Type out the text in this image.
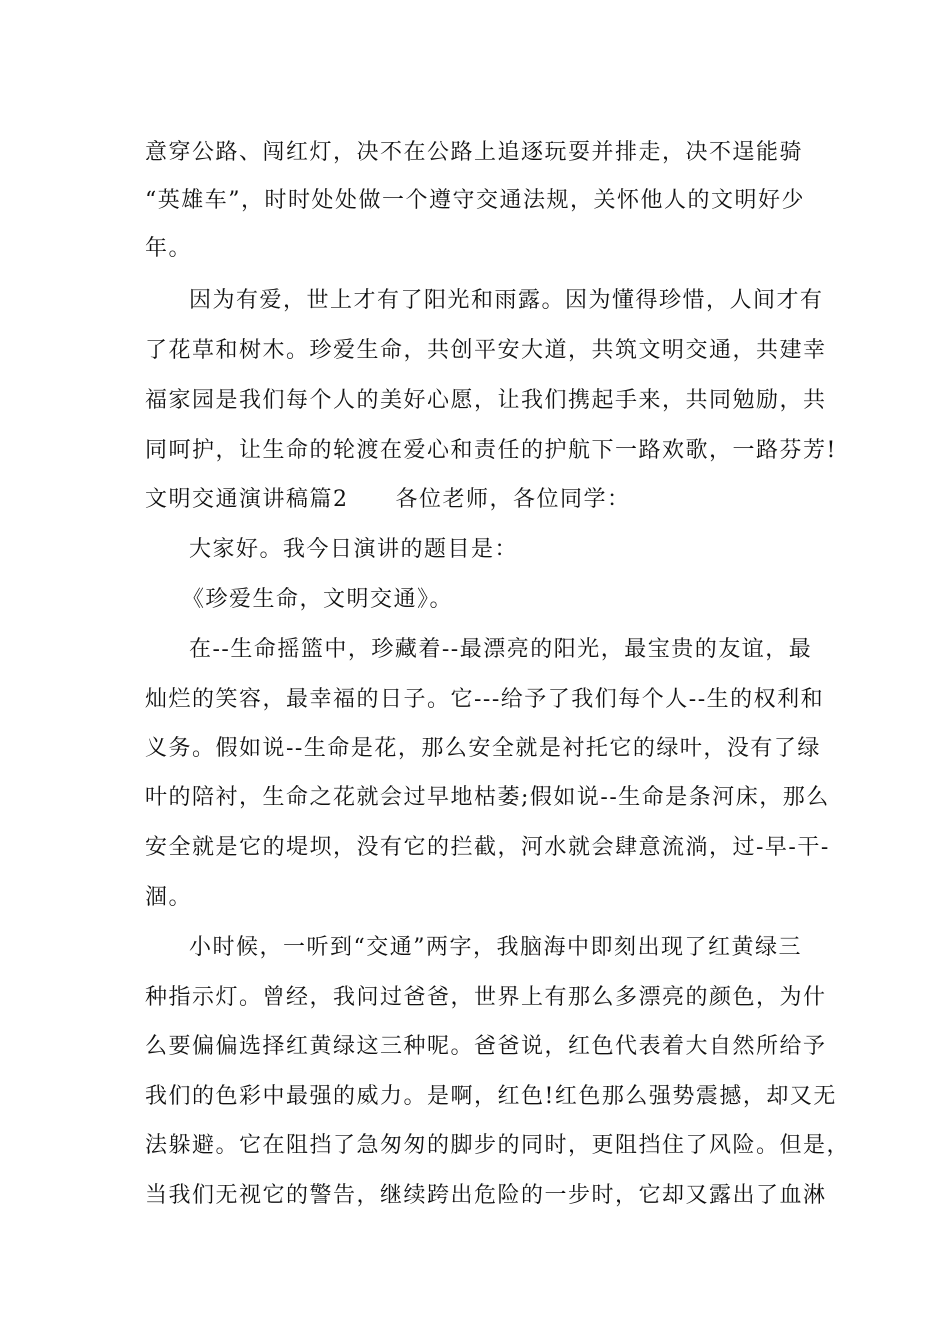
意穿公路、闯红灯，决不在公路上追逐玩耍并排走，决不逞能骑
“英雄车”，时时处处做一个遵守交通法规，关怀他人的文明好少
年。
因为有爱，世上才有了阳光和雨露。因为懂得珍惜，人间才有
了花草和树木。珍爱生命，共创平安大道，共筑文明交通，共建幸
福家园是我们每个人的美好心愿，让我们携起手来，共同勉励，共
同呵护，让生命的轮渡在爱心和责任的护航下一路欢歌，一路芬芳!
文明交通演讲稿篇2　　各位老师，各位同学：
大家好。我今日演讲的题目是：
《珍爱生命，文明交通》。
在--生命摇篮中，珍藏着--最漂亮的阳光，最宝贵的友谊，最
灿烂的笑容，最幸福的日子。它---给予了我们每个人--生的权利和
义务。假如说--生命是花，那么安全就是衬托它的绿叶，没有了绿
叶的陪衬，生命之花就会过早地枯萎;假如说--生命是条河床，那么
安全就是它的堤坝，没有它的拦截，河水就会肆意流淌，过-早-干-
涸。
小时候，一听到“交通”两字，我脑海中即刻出现了红黄绿三
种指示灯。曾经，我问过爸爸，世界上有那么多漂亮的颜色，为什
么要偏偏选择红黄绿这三种呢。爸爸说，红色代表着大自然所给予
我们的色彩中最强的威力。是啊，红色!红色那么强势震撼，却又无
法躲避。它在阻挡了急匆匆的脚步的同时，更阻挡住了风险。但是，
当我们无视它的警告，继续跨出危险的一步时，它却又露出了血淋
